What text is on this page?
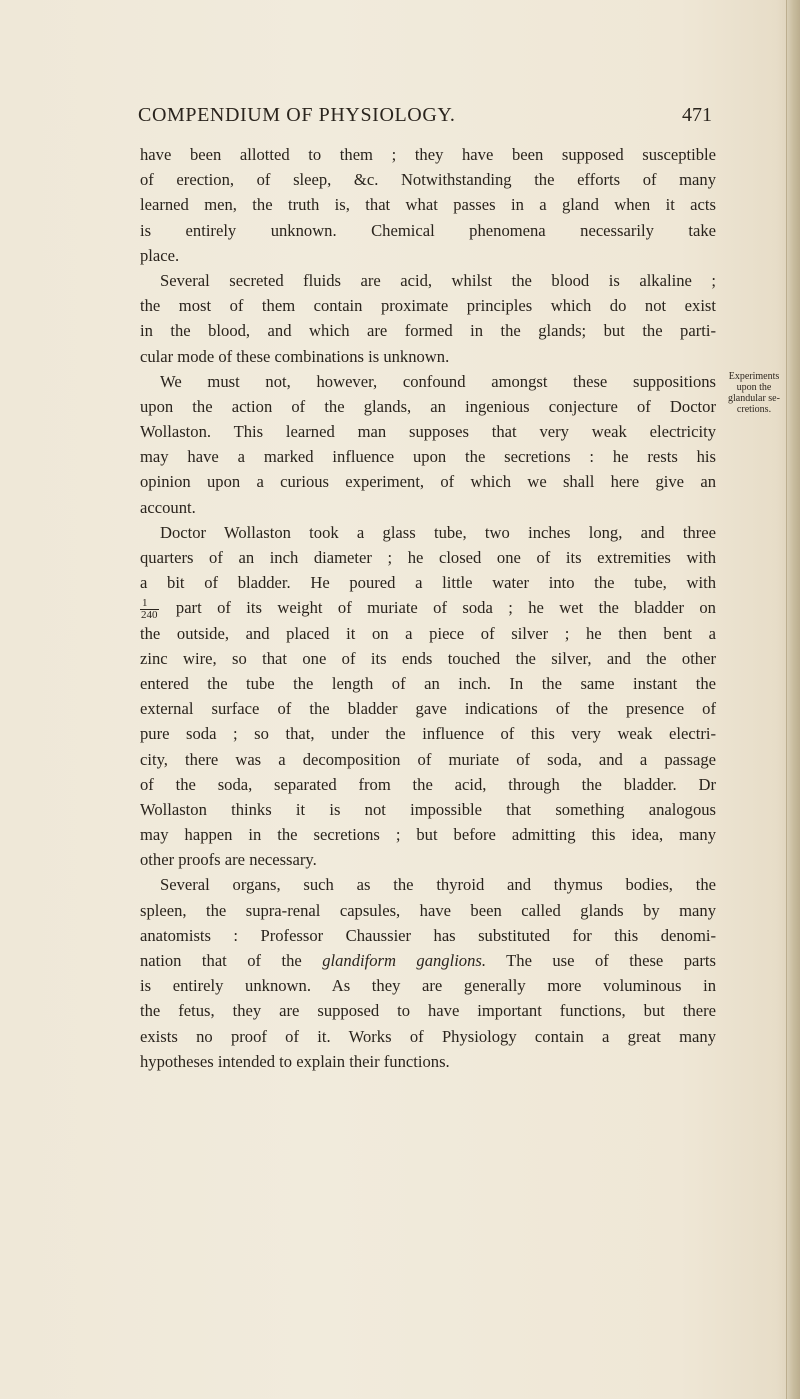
COMPENDIUM OF PHYSIOLOGY.	471
Experiments
upon the
glandular se-
cretions.
have been allotted to them ; they have been supposed susceptible
of erection, of sleep, &c. Notwithstanding the efforts of many
learned men, the truth is, that what passes in a gland when it acts
is entirely unknown. Chemical phenomena necessarily take
place.
Several secreted fluids are acid, whilst the blood is alkaline ;
the most of them contain proximate principles which do not exist
in the blood, and which are formed in the glands; but the parti-
cular mode of these combinations is unknown.
We must not, however, confound amongst these suppositions
upon the action of the glands, an ingenious conjecture of Doctor
Wollaston. This learned man supposes that very weak electricity
may have a marked influence upon the secretions : he rests his
opinion upon a curious experiment, of which we shall here give an
account.
Doctor Wollaston took a glass tube, two inches long, and three
quarters of an inch diameter ; he closed one of its extremities with
a bit of bladder. He poured a little water into the tube, with
$\frac{1}{240}$ part of its weight of muriate of soda ; he wet the bladder on
the outside, and placed it on a piece of silver ; he then bent a
zinc wire, so that one of its ends touched the silver, and the other
entered the tube the length of an inch. In the same instant the
external surface of the bladder gave indications of the presence of
pure soda ; so that, under the influence of this very weak electri-
city, there was a decomposition of muriate of soda, and a passage
of the soda, separated from the acid, through the bladder. Dr
Wollaston thinks it is not impossible that something analogous
may happen in the secretions ; but before admitting this idea, many
other proofs are necessary.
Several organs, such as the thyroid and thymus bodies, the
spleen, the supra-renal capsules, have been called glands by many
anatomists : Professor Chaussier has substituted for this denomi-
nation that of the glandiform ganglions. The use of these parts
is entirely unknown. As they are generally more voluminous in
the fetus, they are supposed to have important functions, but there
exists no proof of it. Works of Physiology contain a great many
hypotheses intended to explain their functions.
